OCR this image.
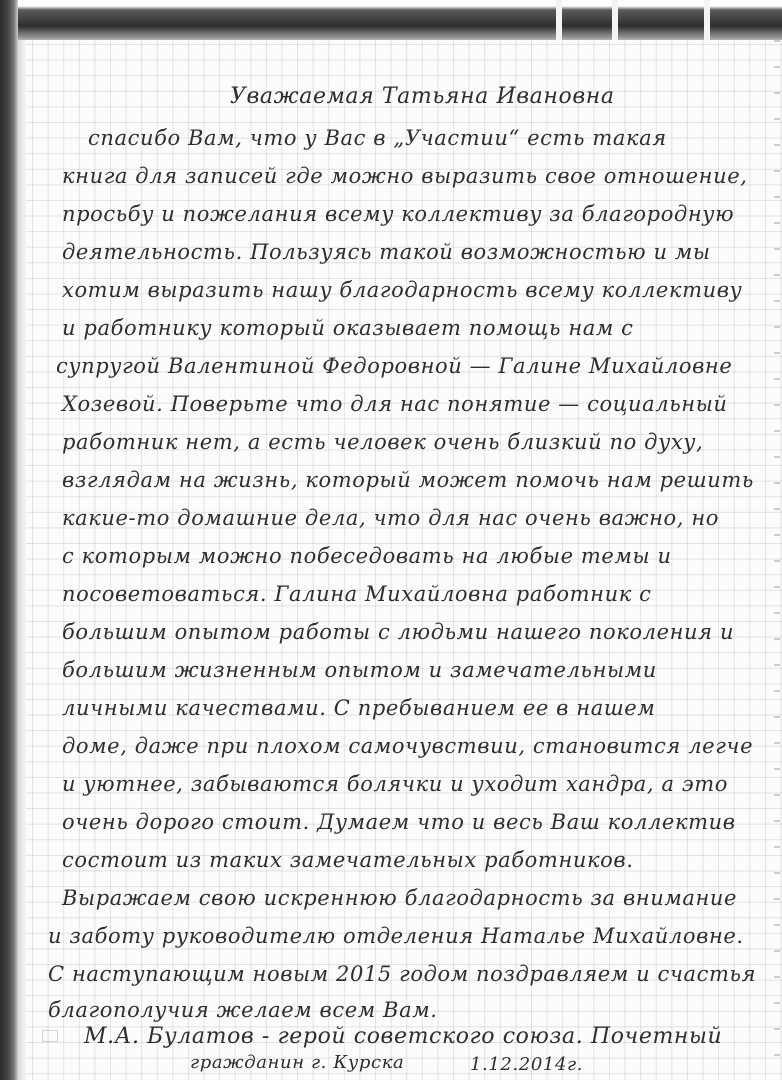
Уважаемая Татьяна Ивановна
спасибо Вам, что у Вас в „Участии“ есть такая
книга для записей где можно выразить свое отношение,
просьбу и пожелания всему коллективу за благородную
деятельность. Пользуясь такой возможностью и мы
хотим выразить нашу благодарность всему коллективу
и работнику который оказывает помощь нам с
супругой Валентиной Федоровной — Галине Михайловне
Хозевой. Поверьте что для нас понятие — социальный
работник нет, а есть человек очень близкий по духу,
взглядам на жизнь, который может помочь нам решить
какие-то домашние дела, что для нас очень важно, но
с которым можно побеседовать на любые темы и
посоветоваться. Галина Михайловна работник с
большим опытом работы с людьми нашего поколения и
большим жизненным опытом и замечательными
личными качествами. С пребыванием ее в нашем
доме, даже при плохом самочувствии, становится легче
и уютнее, забываются болячки и уходит хандра, а это
очень дорого стоит. Думаем что и весь Ваш коллектив
состоит из таких замечательных работников.
Выражаем свою искреннюю благодарность за внимание
и заботу руководителю отделения Наталье Михайловне.
С наступающим новым 2015 годом поздравляем и счастья
благополучия желаем всем Вам.
М.А. Булатов - герой советского союза. Почетный
гражданин г. Курска	1.12.2014г.
